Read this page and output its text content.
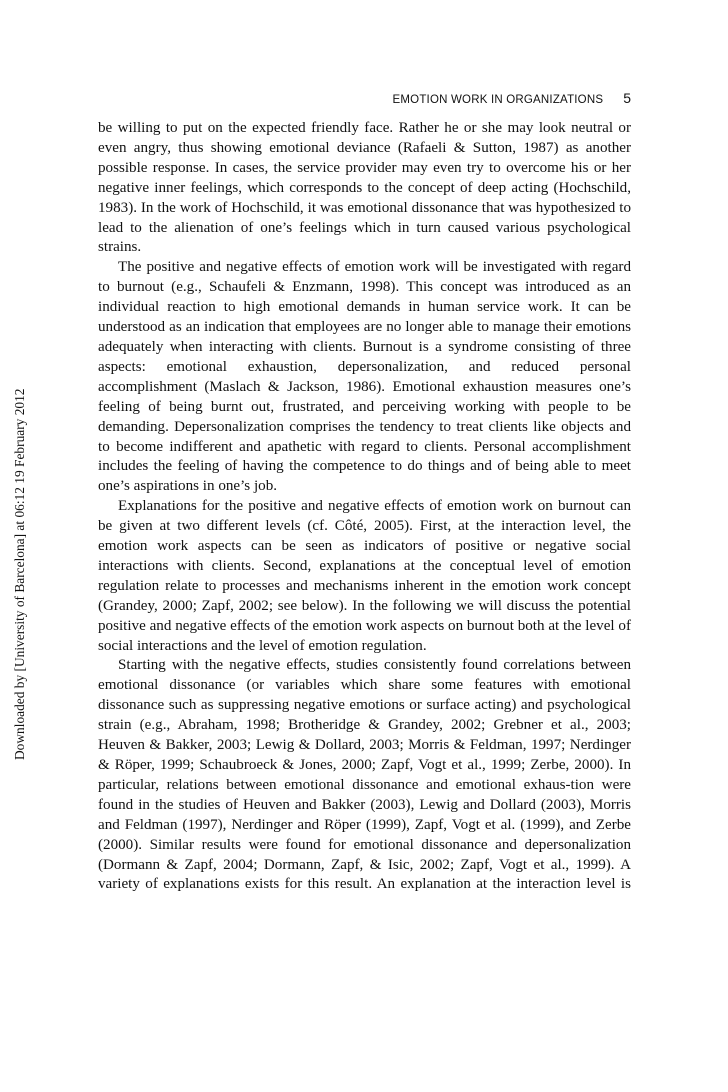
EMOTION WORK IN ORGANIZATIONS 5
Downloaded by [University of Barcelona] at 06:12 19 February 2012

be willing to put on the expected friendly face. Rather he or she may look neutral or even angry, thus showing emotional deviance (Rafaeli & Sutton, 1987) as another possible response. In cases, the service provider may even try to overcome his or her negative inner feelings, which corresponds to the concept of deep acting (Hochschild, 1983). In the work of Hochschild, it was emotional dissonance that was hypothesized to lead to the alienation of one’s feelings which in turn caused various psychological strains.

The positive and negative effects of emotion work will be investigated with regard to burnout (e.g., Schaufeli & Enzmann, 1998). This concept was introduced as an individual reaction to high emotional demands in human service work. It can be understood as an indication that employees are no longer able to manage their emotions adequately when interacting with clients. Burnout is a syndrome consisting of three aspects: emotional exhaustion, depersonalization, and reduced personal accomplishment (Maslach & Jackson, 1986). Emotional exhaustion measures one’s feeling of being burnt out, frustrated, and perceiving working with people to be demanding. Depersonalization comprises the tendency to treat clients like objects and to become indifferent and apathetic with regard to clients. Personal accomplishment includes the feeling of having the competence to do things and of being able to meet one’s aspirations in one’s job.

Explanations for the positive and negative effects of emotion work on burnout can be given at two different levels (cf. Côté, 2005). First, at the interaction level, the emotion work aspects can be seen as indicators of positive or negative social interactions with clients. Second, explanations at the conceptual level of emotion regulation relate to processes and mechanisms inherent in the emotion work concept (Grandey, 2000; Zapf, 2002; see below). In the following we will discuss the potential positive and negative effects of the emotion work aspects on burnout both at the level of social interactions and the level of emotion regulation.

Starting with the negative effects, studies consistently found correlations between emotional dissonance (or variables which share some features with emotional dissonance such as suppressing negative emotions or surface acting) and psychological strain (e.g., Abraham, 1998; Brotheridge & Grandey, 2002; Grebner et al., 2003; Heuven & Bakker, 2003; Lewig & Dollard, 2003; Morris & Feldman, 1997; Nerdinger & Röper, 1999; Schaubroeck & Jones, 2000; Zapf, Vogt et al., 1999; Zerbe, 2000). In particular, relations between emotional dissonance and emotional exhaus-tion were found in the studies of Heuven and Bakker (2003), Lewig and Dollard (2003), Morris and Feldman (1997), Nerdinger and Röper (1999), Zapf, Vogt et al. (1999), and Zerbe (2000). Similar results were found for emotional dissonance and depersonalization (Dormann & Zapf, 2004; Dormann, Zapf, & Isic, 2002; Zapf, Vogt et al., 1999). A variety of explanations exists for this result. An explanation at the interaction level is
